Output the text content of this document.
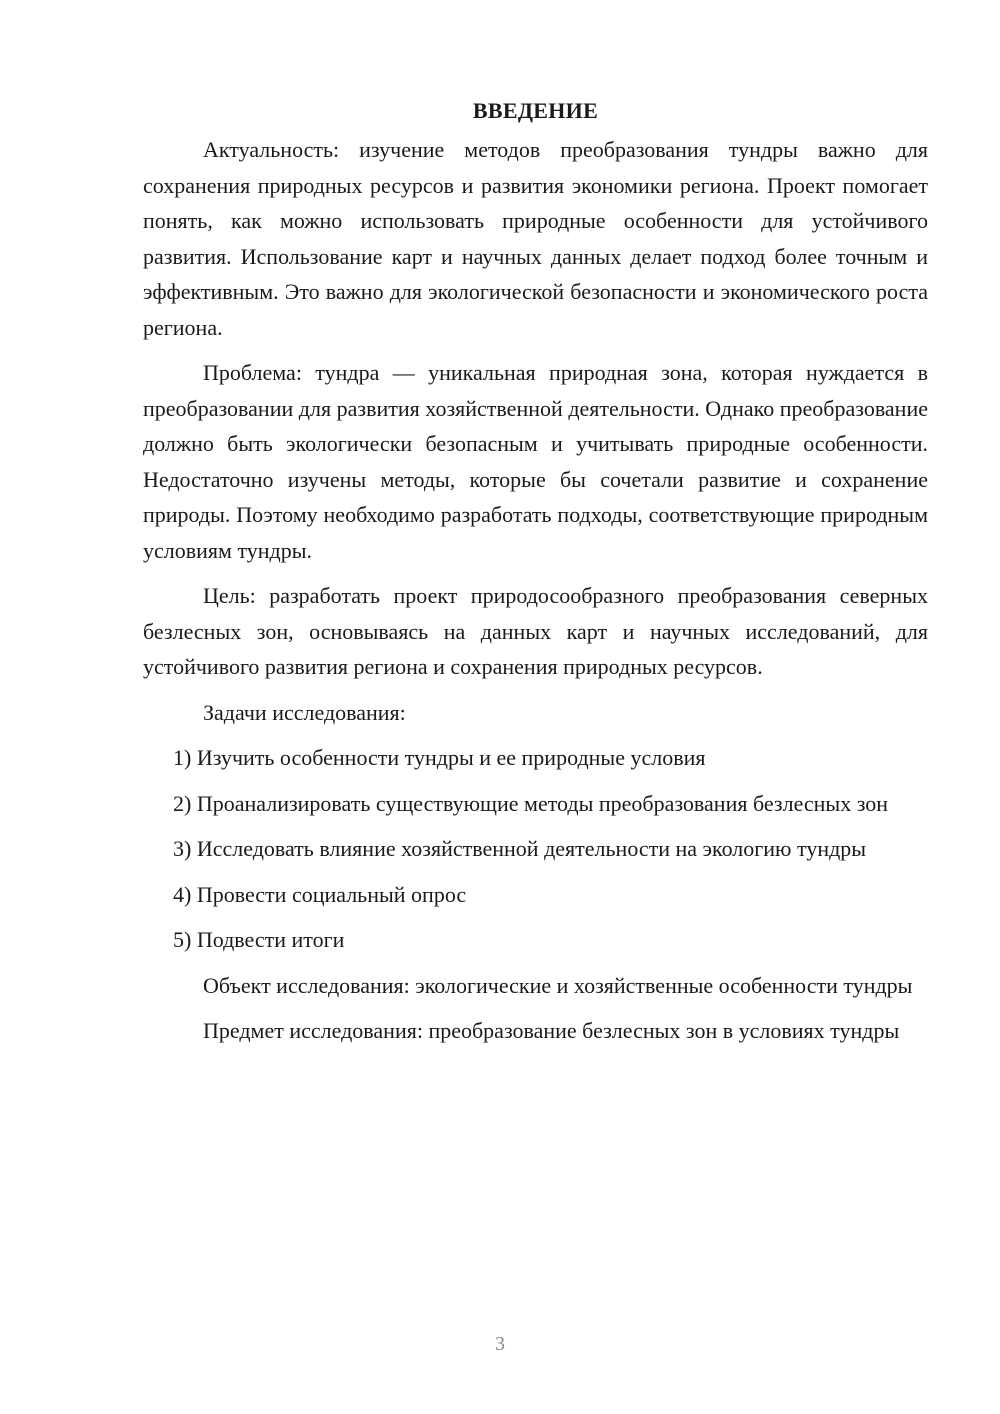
ВВЕДЕНИЕ

Актуальность: изучение методов преобразования тундры важно для сохранения природных ресурсов и развития экономики региона. Проект помогает понять, как можно использовать природные особенности для устойчивого развития. Использование карт и научных данных делает подход более точным и эффективным. Это важно для экологической безопасности и экономического роста региона.

Проблема: тундра — уникальная природная зона, которая нуждается в преобразовании для развития хозяйственной деятельности. Однако преобразование должно быть экологически безопасным и учитывать природные особенности. Недостаточно изучены методы, которые бы сочетали развитие и сохранение природы. Поэтому необходимо разработать подходы, соответствующие природным условиям тундры.

Цель: разработать проект природосообразного преобразования северных безлесных зон, основываясь на данных карт и научных исследований, для устойчивого развития региона и сохранения природных ресурсов.

Задачи исследования:

1) Изучить особенности тундры и ее природные условия

2) Проанализировать существующие методы преобразования безлесных зон

3) Исследовать влияние хозяйственной деятельности на экологию тундры

4) Провести социальный опрос

5) Подвести итоги

Объект исследования: экологические и хозяйственные особенности тундры

Предмет исследования: преобразование безлесных зон в условиях тундры

3
